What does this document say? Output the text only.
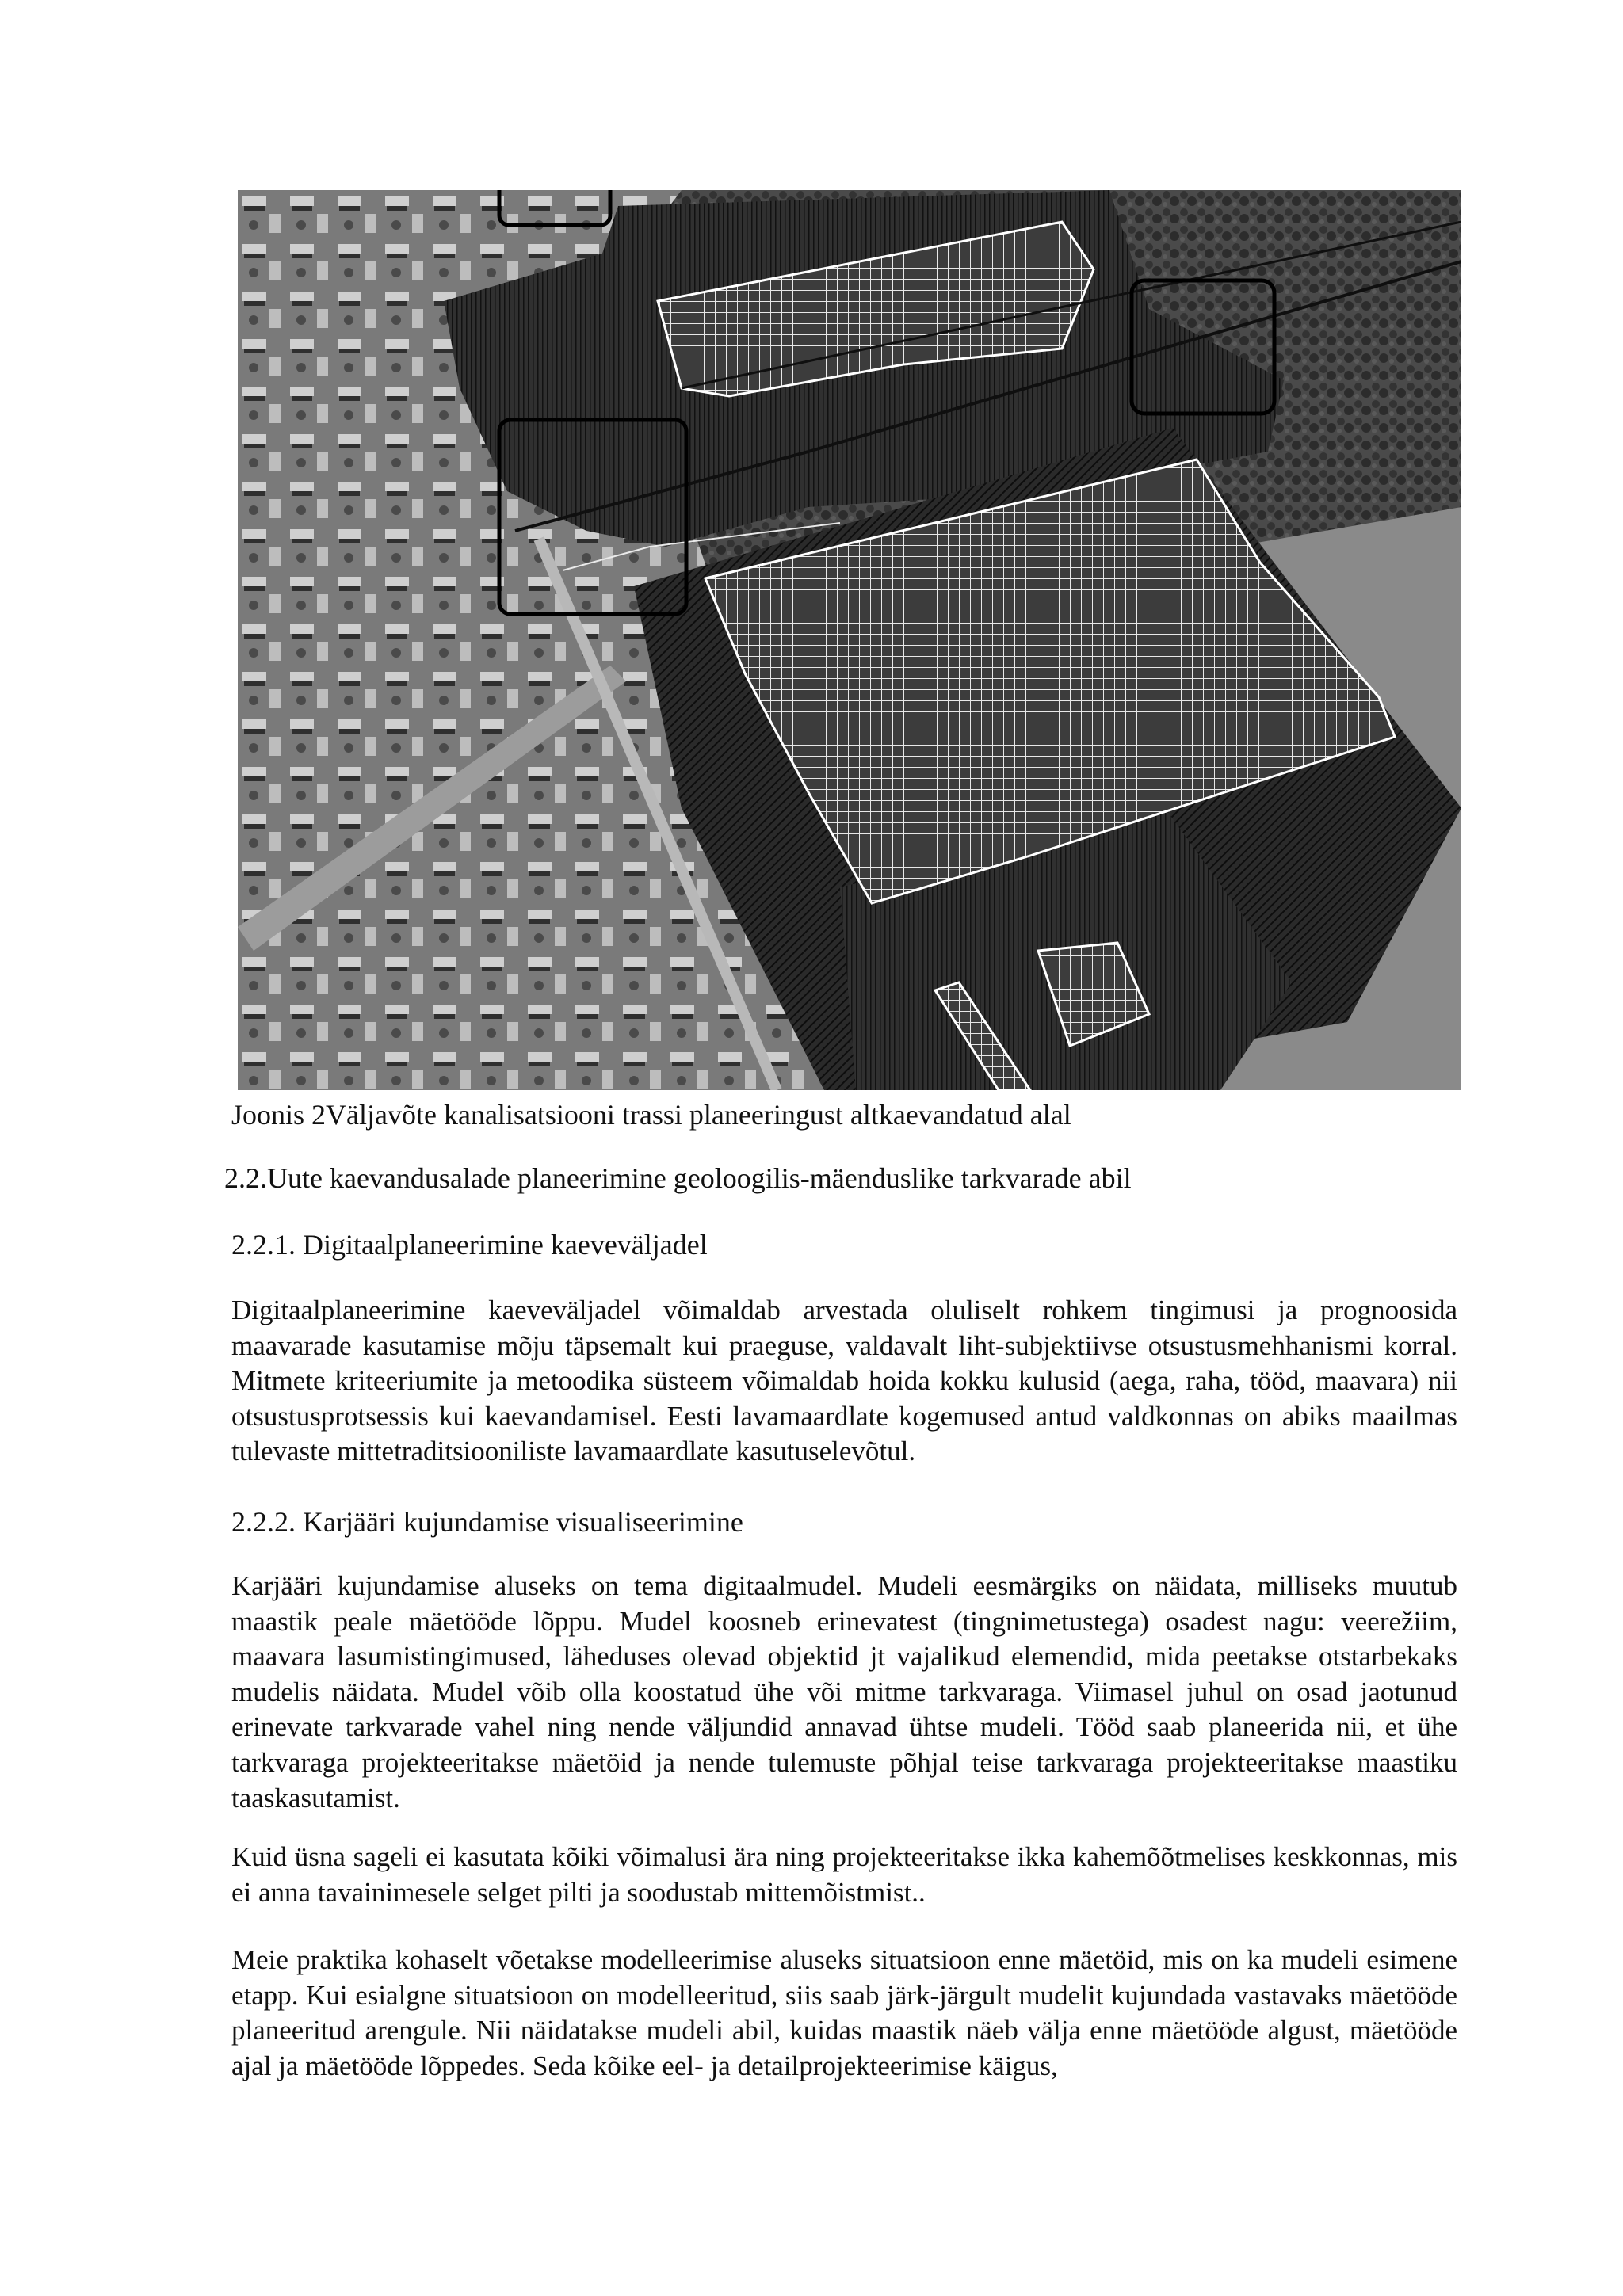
Joonis 2Väljavõte kanalisatsiooni trassi planeeringust altkaevandatud alal
2.2.Uute kaevandusalade planeerimine geoloogilis-mäenduslike tarkvarade abil
2.2.1. Digitaalplaneerimine kaeveväljadel

Digitaalplaneerimine kaeveväljadel võimaldab arvestada oluliselt rohkem tingimusi ja prognoosida maavarade kasutamise mõju täpsemalt kui praeguse, valdavalt liht-subjektiivse otsustusmehhanismi korral. Mitmete kriteeriumite ja metoodika süsteem võimaldab hoida kokku kulusid (aega, raha, tööd, maavara) nii otsustusprotsessis kui kaevandamisel. Eesti lavamaardlate kogemused antud valdkonnas on abiks maailmas tulevaste mittetraditsiooniliste lavamaardlate kasutuselevõtul.

2.2.2. Karjääri kujundamise visualiseerimine

Karjääri kujundamise aluseks on tema digitaalmudel. Mudeli eesmärgiks on näidata, milliseks muutub maastik peale mäetööde lõppu. Mudel koosneb erinevatest (tingnimetustega) osadest nagu: veerežiim, maavara lasumistingimused, läheduses olevad objektid jt vajalikud elemendid, mida peetakse otstarbekaks mudelis näidata. Mudel võib olla koostatud ühe või mitme tarkvaraga. Viimasel juhul on osad jaotunud erinevate tarkvarade vahel ning nende väljundid annavad ühtse mudeli. Tööd saab planeerida nii, et ühe tarkvaraga projekteeritakse mäetöid ja nende tulemuste põhjal teise tarkvaraga projekteeritakse maastiku taaskasutamist.

Kuid üsna sageli ei kasutata kõiki võimalusi ära ning projekteeritakse ikka kahemõõtmelises keskkonnas, mis ei anna tavainimesele selget pilti ja soodustab mittemõistmist..

Meie praktika kohaselt võetakse modelleerimise aluseks situatsioon enne mäetöid, mis on ka mudeli esimene etapp. Kui esialgne situatsioon on modelleeritud, siis saab järk-järgult mudelit kujundada vastavaks mäetööde planeeritud arengule. Nii näidatakse mudeli abil, kuidas maastik näeb välja enne mäetööde algust, mäetööde ajal ja mäetööde lõppedes. Seda kõike eel- ja detailprojekteerimise käigus,
